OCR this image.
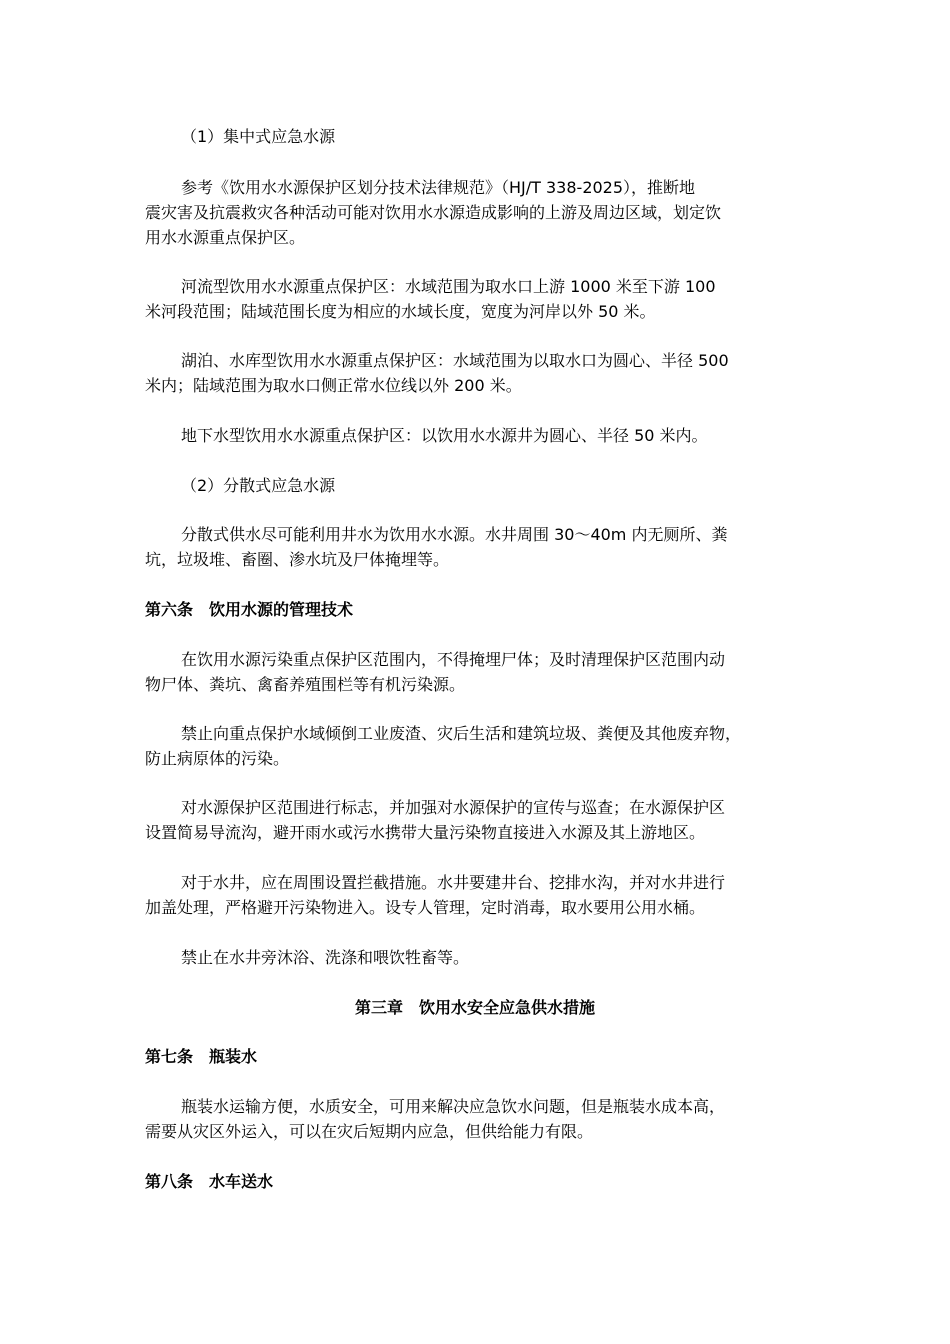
（1）集中式应急水源

参考《饮用水水源保护区划分技术法律规范》（HJ/T 338-2025），推断地

震灾害及抗震救灾各种活动可能对饮用水水源造成影响的上游及周边区域，划定饮

用水水源重点保护区。

河流型饮用水水源重点保护区：水域范围为取水口上游 1000 米至下游 100

米河段范围；陆域范围长度为相应的水域长度，宽度为河岸以外 50 米。

湖泊、水库型饮用水水源重点保护区：水域范围为以取水口为圆心、半径 500

米内；陆域范围为取水口侧正常水位线以外 200 米。

地下水型饮用水水源重点保护区：以饮用水水源井为圆心、半径 50 米内。

（2）分散式应急水源

分散式供水尽可能利用井水为饮用水水源。水井周围 30～40m 内无厕所、粪

坑，垃圾堆、畜圈、渗水坑及尸体掩埋等。

第六条　饮用水源的管理技术

在饮用水源污染重点保护区范围内，不得掩埋尸体；及时清理保护区范围内动

物尸体、粪坑、禽畜养殖围栏等有机污染源。

禁止向重点保护水域倾倒工业废渣、灾后生活和建筑垃圾、粪便及其他废弃物，

防止病原体的污染。

对水源保护区范围进行标志，并加强对水源保护的宣传与巡查；在水源保护区

设置简易导流沟，避开雨水或污水携带大量污染物直接进入水源及其上游地区。

对于水井，应在周围设置拦截措施。水井要建井台、挖排水沟，并对水井进行

加盖处理，严格避开污染物进入。设专人管理，定时消毒，取水要用公用水桶。

禁止在水井旁沐浴、洗涤和喂饮牲畜等。

第三章　饮用水安全应急供水措施

第七条　瓶装水

瓶装水运输方便，水质安全，可用来解决应急饮水问题，但是瓶装水成本高，

需要从灾区外运入，可以在灾后短期内应急，但供给能力有限。

第八条　水车送水
